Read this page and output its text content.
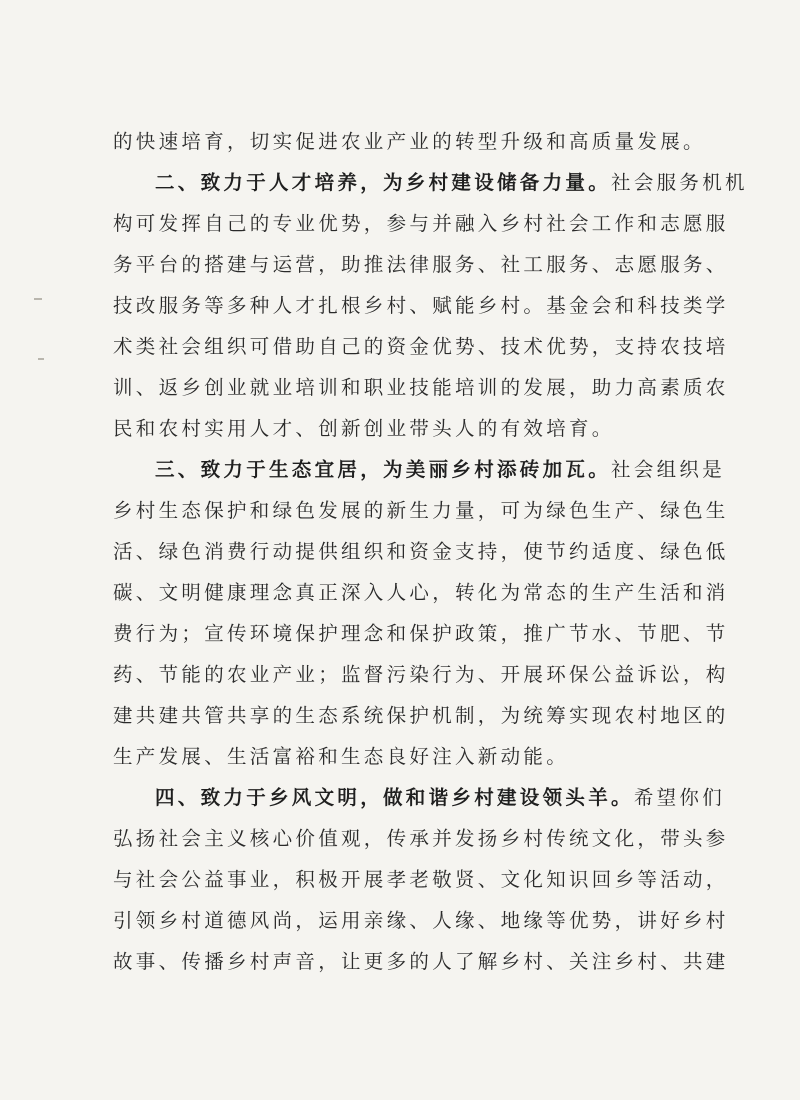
的快速培育，切实促进农业产业的转型升级和高质量发展。
二、致力于人才培养，为乡村建设储备力量。社会服务机机
构可发挥自己的专业优势，参与并融入乡村社会工作和志愿服
务平台的搭建与运营，助推法律服务、社工服务、志愿服务、
技改服务等多种人才扎根乡村、赋能乡村。基金会和科技类学
术类社会组织可借助自己的资金优势、技术优势，支持农技培
训、返乡创业就业培训和职业技能培训的发展，助力高素质农
民和农村实用人才、创新创业带头人的有效培育。
三、致力于生态宜居，为美丽乡村添砖加瓦。社会组织是
乡村生态保护和绿色发展的新生力量，可为绿色生产、绿色生
活、绿色消费行动提供组织和资金支持，使节约适度、绿色低
碳、文明健康理念真正深入人心，转化为常态的生产生活和消
费行为；宣传环境保护理念和保护政策，推广节水、节肥、节
药、节能的农业产业；监督污染行为、开展环保公益诉讼，构
建共建共管共享的生态系统保护机制，为统筹实现农村地区的
生产发展、生活富裕和生态良好注入新动能。
四、致力于乡风文明，做和谐乡村建设领头羊。希望你们
弘扬社会主义核心价值观，传承并发扬乡村传统文化，带头参
与社会公益事业，积极开展孝老敬贤、文化知识回乡等活动，
引领乡村道德风尚，运用亲缘、人缘、地缘等优势，讲好乡村
故事、传播乡村声音，让更多的人了解乡村、关注乡村、共建
